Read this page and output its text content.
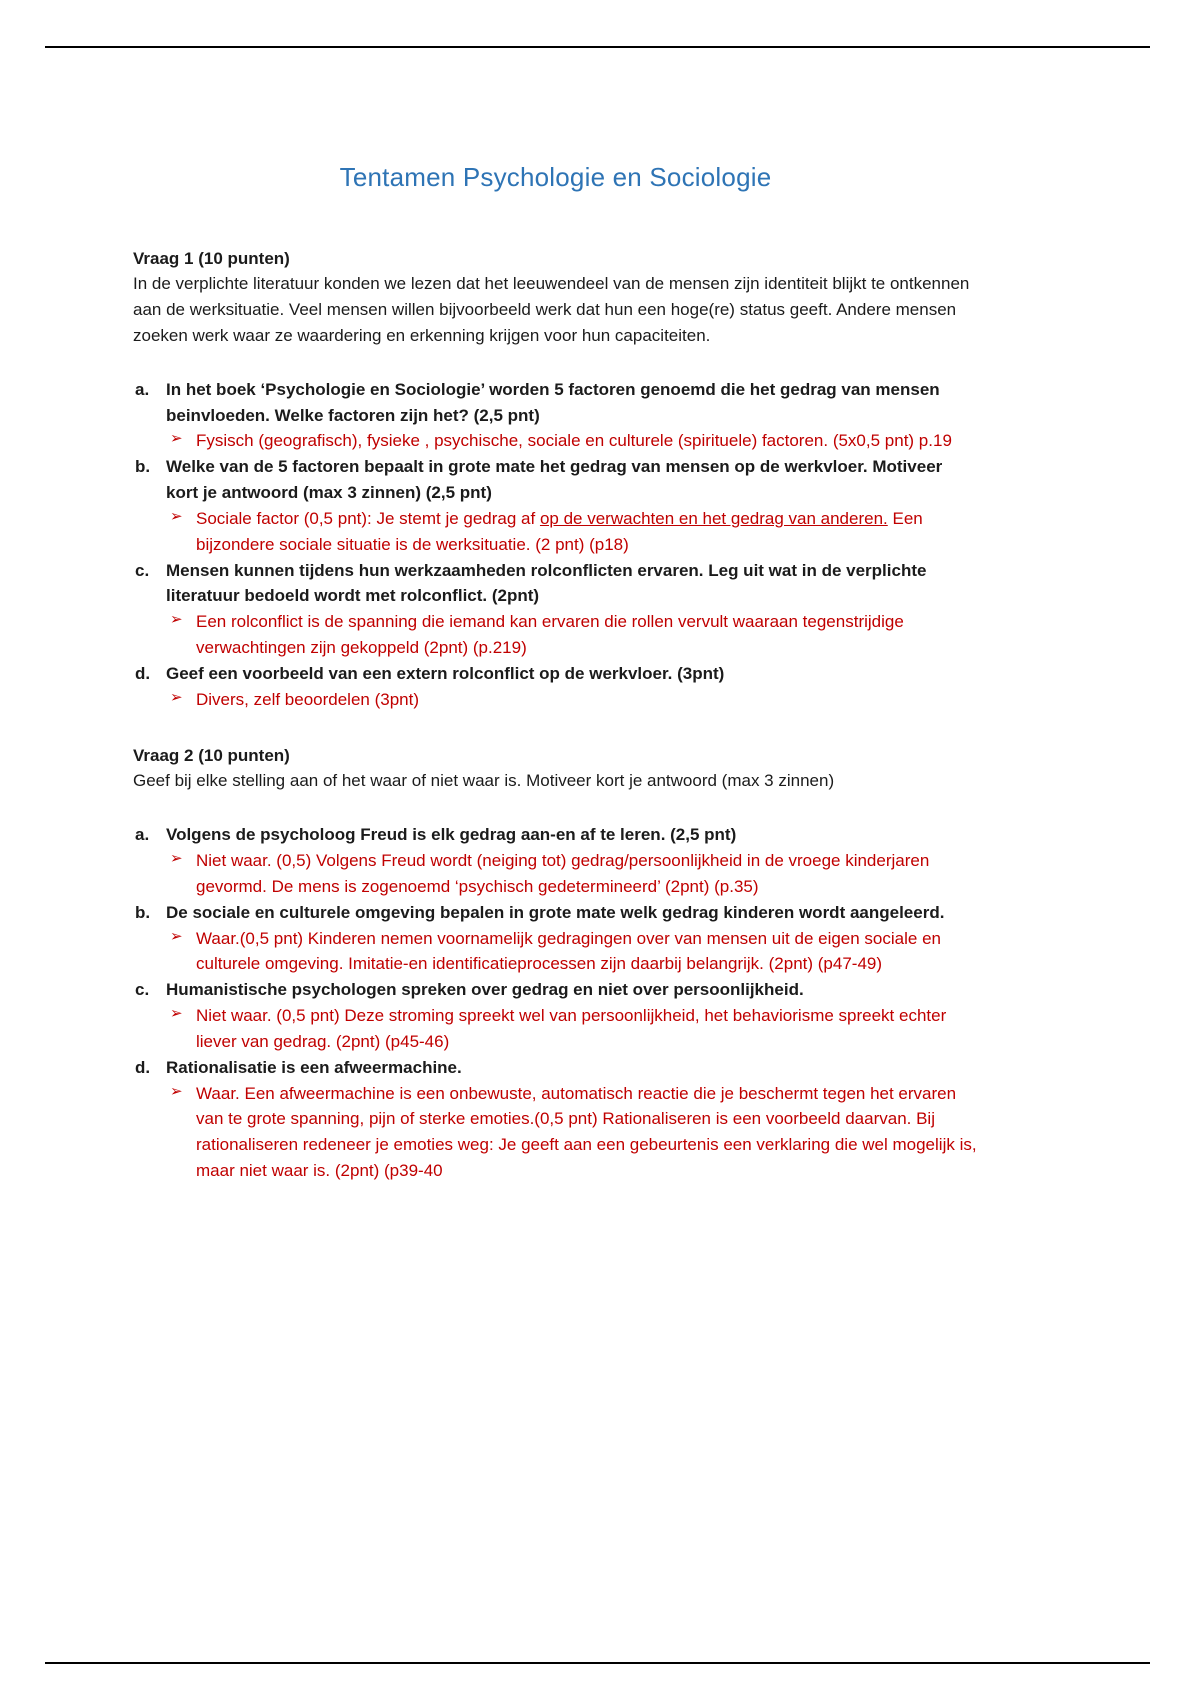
Tentamen Psychologie en Sociologie
Vraag 1 (10 punten)
In de verplichte literatuur konden we lezen dat het leeuwendeel van de mensen zijn identiteit blijkt te ontkennen aan de werksituatie. Veel mensen willen bijvoorbeeld werk dat hun een hoge(re) status geeft. Andere mensen zoeken werk waar ze waardering en erkenning krijgen voor hun capaciteiten.
a. In het boek ‘Psychologie en Sociologie’ worden 5 factoren genoemd die het gedrag van mensen beinvloeden. Welke factoren zijn het? (2,5 pnt)
➢ Fysisch (geografisch), fysieke , psychische, sociale en culturele (spirituele) factoren. (5x0,5 pnt) p.19
b. Welke van de 5 factoren bepaalt in grote mate het gedrag van mensen op de werkvloer. Motiveer kort je antwoord (max 3 zinnen) (2,5 pnt)
➢ Sociale factor (0,5 pnt): Je stemt je gedrag af op de verwachten en het gedrag van anderen. Een bijzondere sociale situatie is de werksituatie. (2 pnt) (p18)
c. Mensen kunnen tijdens hun werkzaamheden rolconflicten ervaren. Leg uit wat in de verplichte literatuur bedoeld wordt met rolconflict. (2pnt)
➢ Een rolconflict is de spanning die iemand kan ervaren die rollen vervult waaraan tegenstrijdige verwachtingen zijn gekoppeld (2pnt) (p.219)
d. Geef een voorbeeld van een extern rolconflict op de werkvloer. (3pnt)
➢ Divers, zelf beoordelen (3pnt)
Vraag 2 (10 punten)
Geef bij elke stelling aan of het waar of niet waar is. Motiveer kort je antwoord (max 3 zinnen)
a. Volgens de psycholoog Freud is elk gedrag aan-en af te leren. (2,5 pnt)
➢ Niet waar. (0,5) Volgens Freud wordt (neiging tot) gedrag/persoonlijkheid in de vroege kinderjaren gevormd. De mens is zogenoemd ‘psychisch gedetermineerd’ (2pnt) (p.35)
b. De sociale en culturele omgeving bepalen in grote mate welk gedrag kinderen wordt aangeleerd.
➢ Waar.(0,5 pnt) Kinderen nemen voornamelijk gedragingen over van mensen uit de eigen sociale en culturele omgeving. Imitatie-en identificatieprocessen zijn daarbij belangrijk. (2pnt) (p47-49)
c. Humanistische psychologen spreken over gedrag en niet over persoonlijkheid.
➢ Niet waar. (0,5 pnt) Deze stroming spreekt wel van persoonlijkheid, het behaviorisme spreekt echter liever van gedrag. (2pnt) (p45-46)
d. Rationalisatie is een afweermachine.
➢ Waar. Een afweermachine is een onbewuste, automatisch reactie die je beschermt tegen het ervaren van te grote spanning, pijn of sterke emoties.(0,5 pnt) Rationaliseren is een voorbeeld daarvan. Bij rationaliseren redeneer je emoties weg: Je geeft aan een gebeurtenis een verklaring die wel mogelijk is, maar niet waar is. (2pnt) (p39-40
